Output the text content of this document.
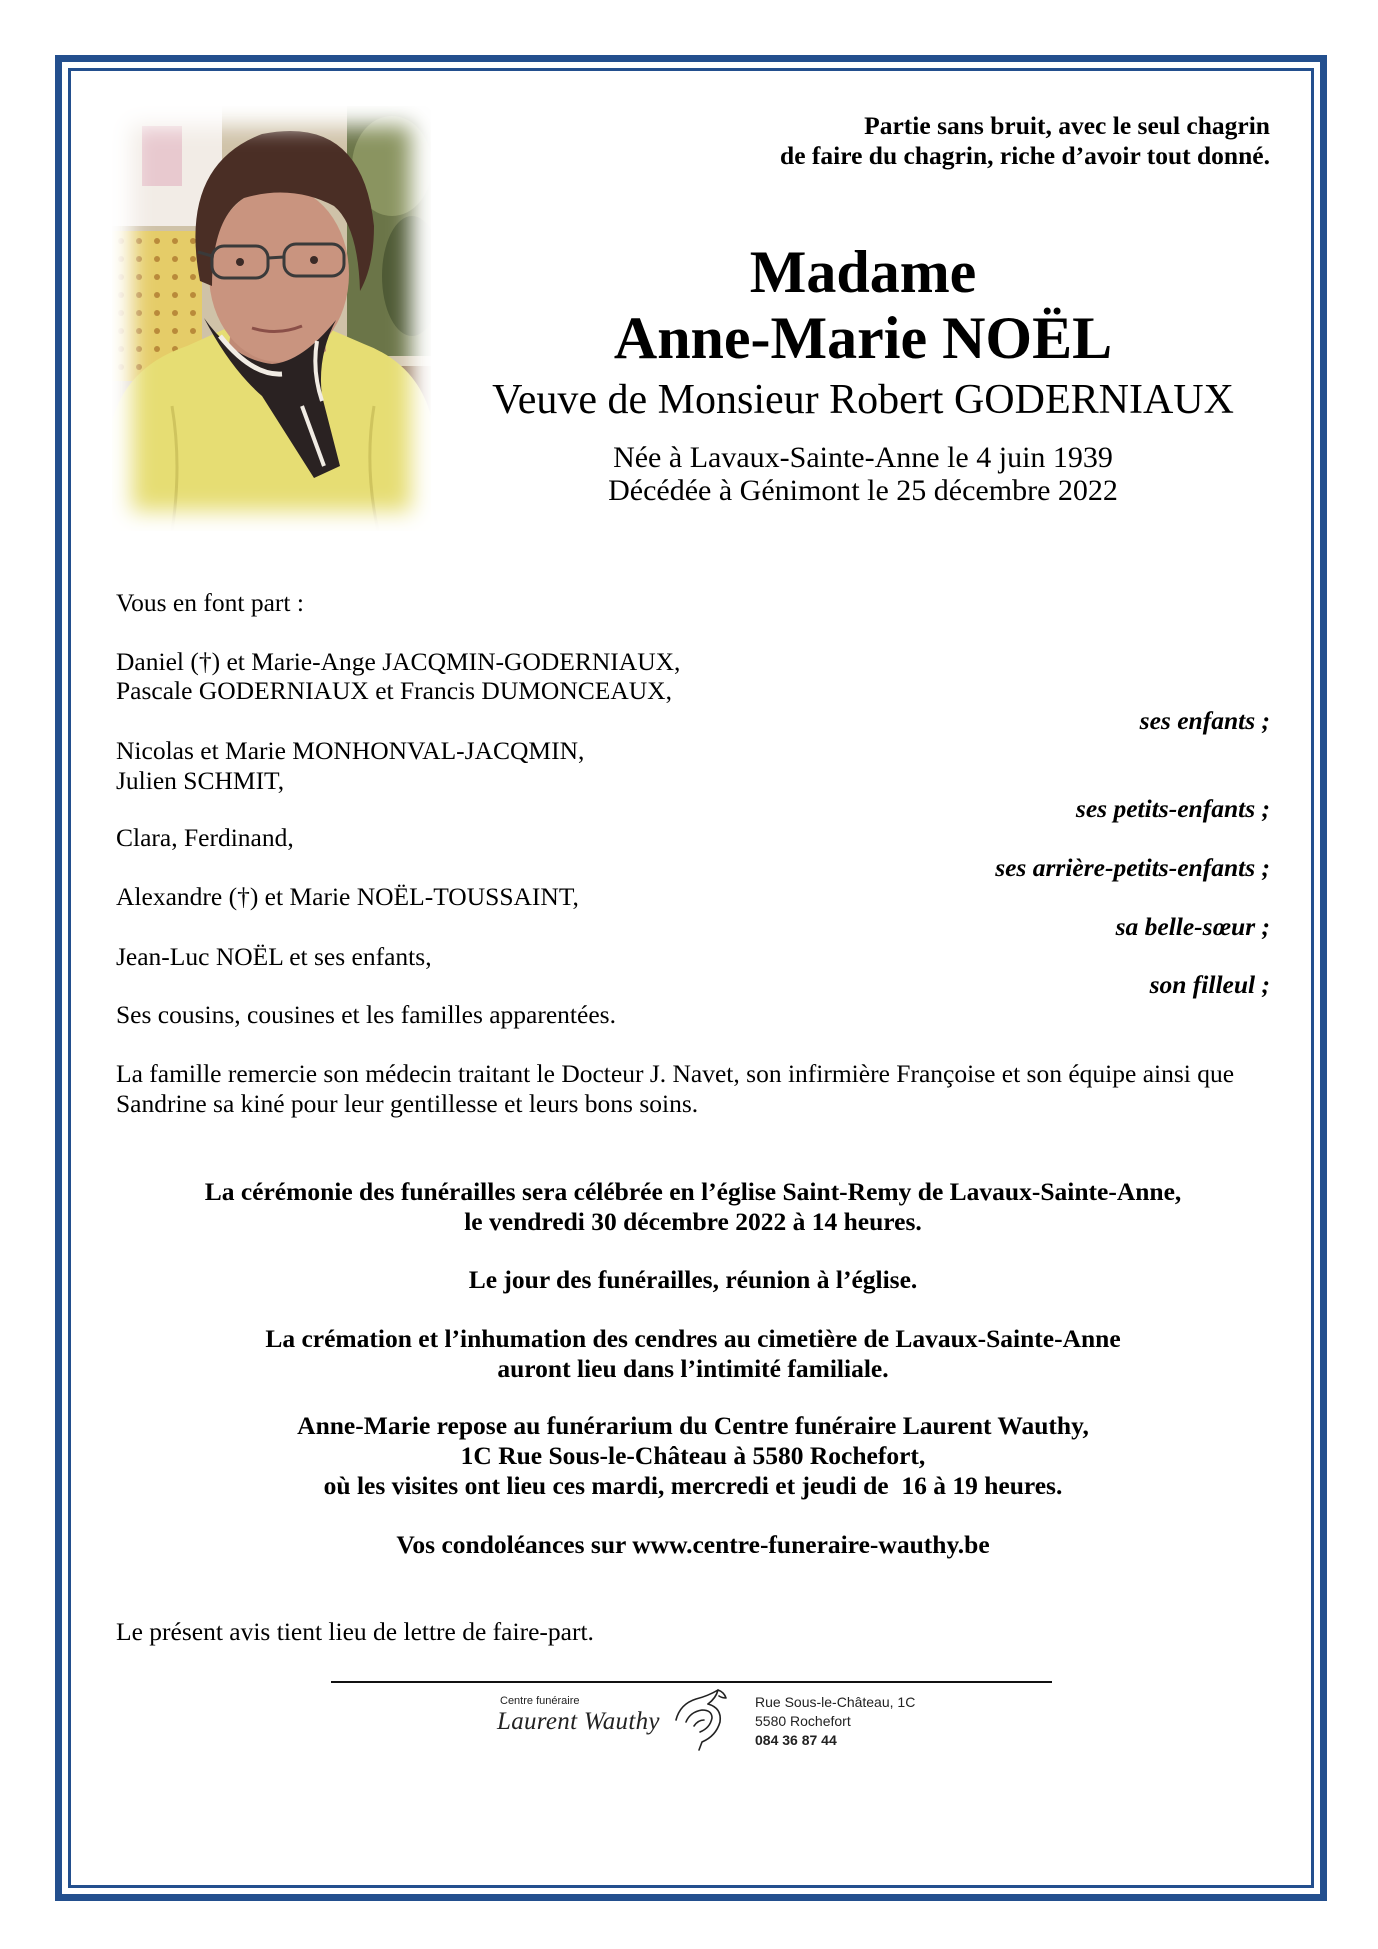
Partie sans bruit, avec le seul chagrin
de faire du chagrin, riche d’avoir tout donné.
Madame
Anne-Marie NOËL
Veuve de Monsieur Robert GODERNIAUX
Née à Lavaux-Sainte-Anne le 4 juin 1939
Décédée à Génimont le 25 décembre 2022
Vous en font part :
Daniel (†) et Marie-Ange JACQMIN-GODERNIAUX,
Pascale GODERNIAUX et Francis DUMONCEAUX,
ses enfants ;
Nicolas et Marie MONHONVAL-JACQMIN,
Julien SCHMIT,
ses petits-enfants ;
Clara, Ferdinand,
ses arrière-petits-enfants ;
Alexandre (†) et Marie NOËL-TOUSSAINT,
sa belle-sœur ;
Jean-Luc NOËL et ses enfants,
son filleul ;
Ses cousins, cousines et les familles apparentées.
La famille remercie son médecin traitant le Docteur J. Navet, son infirmière Françoise et son équipe ainsi que
Sandrine sa kiné pour leur gentillesse et leurs bons soins.
La cérémonie des funérailles sera célébrée en l’église Saint-Remy de Lavaux-Sainte-Anne,
le vendredi 30 décembre 2022 à 14 heures.
Le jour des funérailles, réunion à l’église.
La crémation et l’inhumation des cendres au cimetière de Lavaux-Sainte-Anne
auront lieu dans l’intimité familiale.
Anne-Marie repose au funérarium du Centre funéraire Laurent Wauthy,
1C Rue Sous-le-Château à 5580 Rochefort,
où les visites ont lieu ces mardi, mercredi et jeudi de  16 à 19 heures.
Vos condoléances sur www.centre-funeraire-wauthy.be
Le présent avis tient lieu de lettre de faire-part.
Centre funéraire
Laurent Wauthy
Rue Sous-le-Château, 1C
5580 Rochefort
084 36 87 44
